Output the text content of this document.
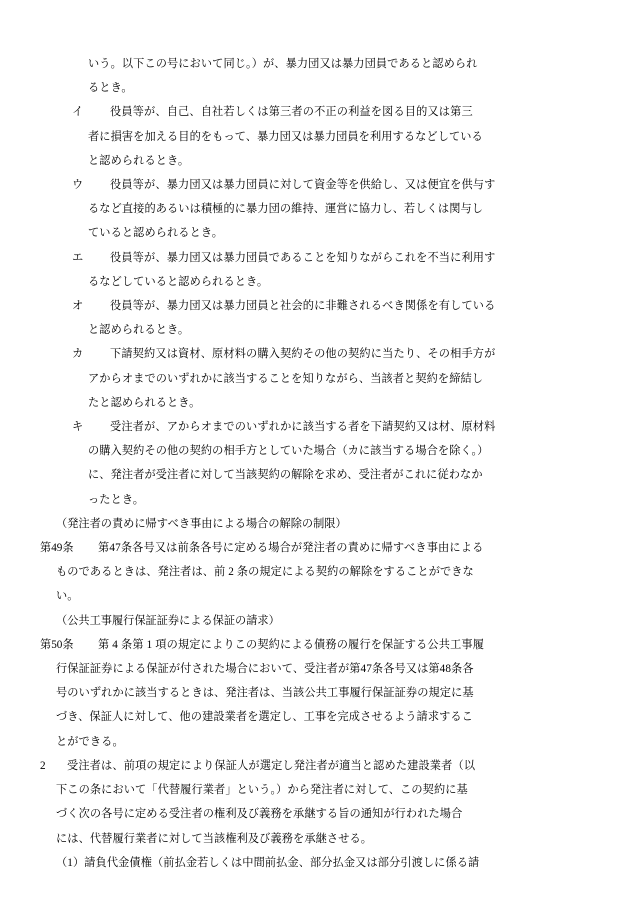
いう。以下この号において同じ。）が、暴力団又は暴力団員であると認められ
るとき。
イ	役員等が、自己、自社若しくは第三者の不正の利益を図る目的又は第三
者に損害を加える目的をもって、暴力団又は暴力団員を利用するなどしている
と認められるとき。
ウ	役員等が、暴力団又は暴力団員に対して資金等を供給し、又は便宜を供与す
るなど直接的あるいは積極的に暴力団の維持、運営に協力し、若しくは関与し
ていると認められるとき。
エ	役員等が、暴力団又は暴力団員であることを知りながらこれを不当に利用す
るなどしていると認められるとき。
オ	役員等が、暴力団又は暴力団員と社会的に非難されるべき関係を有している
と認められるとき。
カ	下請契約又は資材、原材料の購入契約その他の契約に当たり、その相手方が
アからオまでのいずれかに該当することを知りながら、当該者と契約を締結し
たと認められるとき。
キ	受注者が、アからオまでのいずれかに該当する者を下請契約又は材、原材料
の購入契約その他の契約の相手方としていた場合（カに該当する場合を除く。）
に、発注者が受注者に対して当該契約の解除を求め、受注者がこれに従わなか
ったとき。
（発注者の責めに帰すべき事由による場合の解除の制限）
第49条	第47条各号又は前条各号に定める場合が発注者の責めに帰すべき事由による
ものであるときは、発注者は、前 2 条の規定による契約の解除をすることができな
い。
（公共工事履行保証証券による保証の請求）
第50条	第 4 条第 1 項の規定によりこの契約による債務の履行を保証する公共工事履
行保証証券による保証が付された場合において、受注者が第47条各号又は第48条各
号のいずれかに該当するときは、発注者は、当該公共工事履行保証証券の規定に基
づき、保証人に対して、他の建設業者を選定し、工事を完成させるよう請求するこ
とができる。
2	受注者は、前項の規定により保証人が選定し発注者が適当と認めた建設業者（以
下この条において「代替履行業者」という。）から発注者に対して、この契約に基
づく次の各号に定める受注者の権利及び義務を承継する旨の通知が行われた場合
には、代替履行業者に対して当該権利及び義務を承継させる。
（1）請負代金債権（前払金若しくは中間前払金、部分払金又は部分引渡しに係る請
